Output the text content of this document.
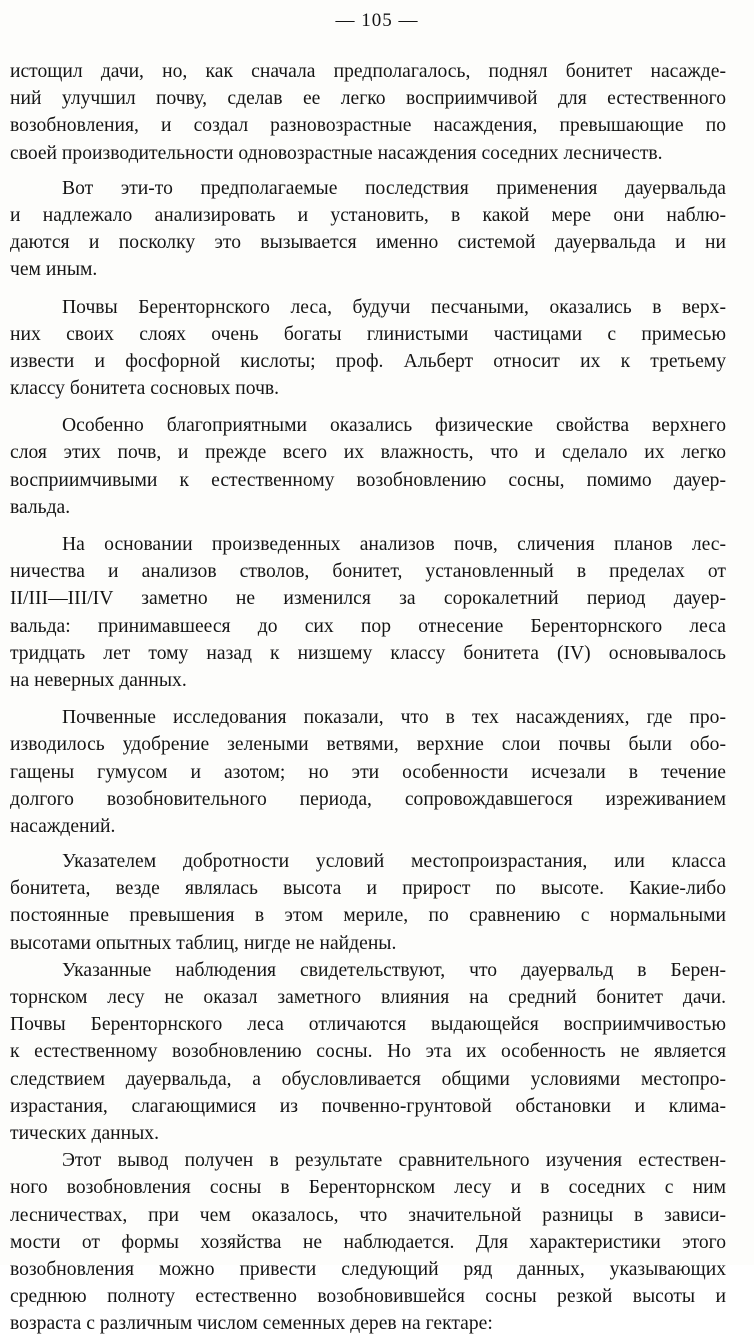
— 105 —
истощил дачи, но, как сначала предполагалось, поднял бонитет насажде-
ний улучшил почву, сделав ее легко восприимчивой для естественного
возобновления, и создал разновозрастные насаждения, превышающие по
своей производительности одновозрастные насаждения соседних лесничеств.
Вот эти-то предполагаемые последствия применения дауервальда
и надлежало анализировать и установить, в какой мере они наблю-
даются и посколку это вызывается именно системой дауервальда и ни
чем иным.
Почвы Беренторнского леса, будучи песчаными, оказались в верх-
них своих слоях очень богаты глинистыми частицами с примесью
извести и фосфорной кислоты; проф. Альберт относит их к третьему
классу бонитета сосновых почв.
Особенно благоприятными оказались физические свойства верхнего
слоя этих почв, и прежде всего их влажность, что и сделало их легко
восприимчивыми к естественному возобновлению сосны, помимо дауер-
вальда.
На основании произведенных анализов почв, сличения планов лес-
ничества и анализов стволов, бонитет, установленный в пределах от
II/III—III/IV заметно не изменился за сорокалетний период дауер-
вальда: принимавшееся до сих пор отнесение Беренторнского леса
тридцать лет тому назад к низшему классу бонитета (IV) основывалось
на неверных данных.
Почвенные исследования показали, что в тех насаждениях, где про-
изводилось удобрение зелеными ветвями, верхние слои почвы были обо-
гащены гумусом и азотом; но эти особенности исчезали в течение
долгого возобновительного периода, сопровождавшегося изреживанием
насаждений.
Указателем добротности условий местопроизрастания, или класса
бонитета, везде являлась высота и прирост по высоте. Какие-либо
постоянные превышения в этом мериле, по сравнению с нормальными
высотами опытных таблиц, нигде не найдены.
Указанные наблюдения свидетельствуют, что дауервальд в Берен-
торнском лесу не оказал заметного влияния на средний бонитет дачи.
Почвы Беренторнского леса отличаются выдающейся восприимчивостью
к естественному возобновлению сосны. Но эта их особенность не является
следствием дауервальда, а обусловливается общими условиями местопро-
израстания, слагающимися из почвенно-грунтовой обстановки и клима-
тических данных.
Этот вывод получен в результате сравнительного изучения естествен-
ного возобновления сосны в Беренторнском лесу и в соседних с ним
лесничествах, при чем оказалось, что значительной разницы в зависи-
мости от формы хозяйства не наблюдается. Для характеристики этого
возобновления можно привести следующий ряд данных, указывающих
среднюю полноту естественно возобновившейся сосны резкой высоты и
возраста с различным числом семенных дерев на гектаре:
